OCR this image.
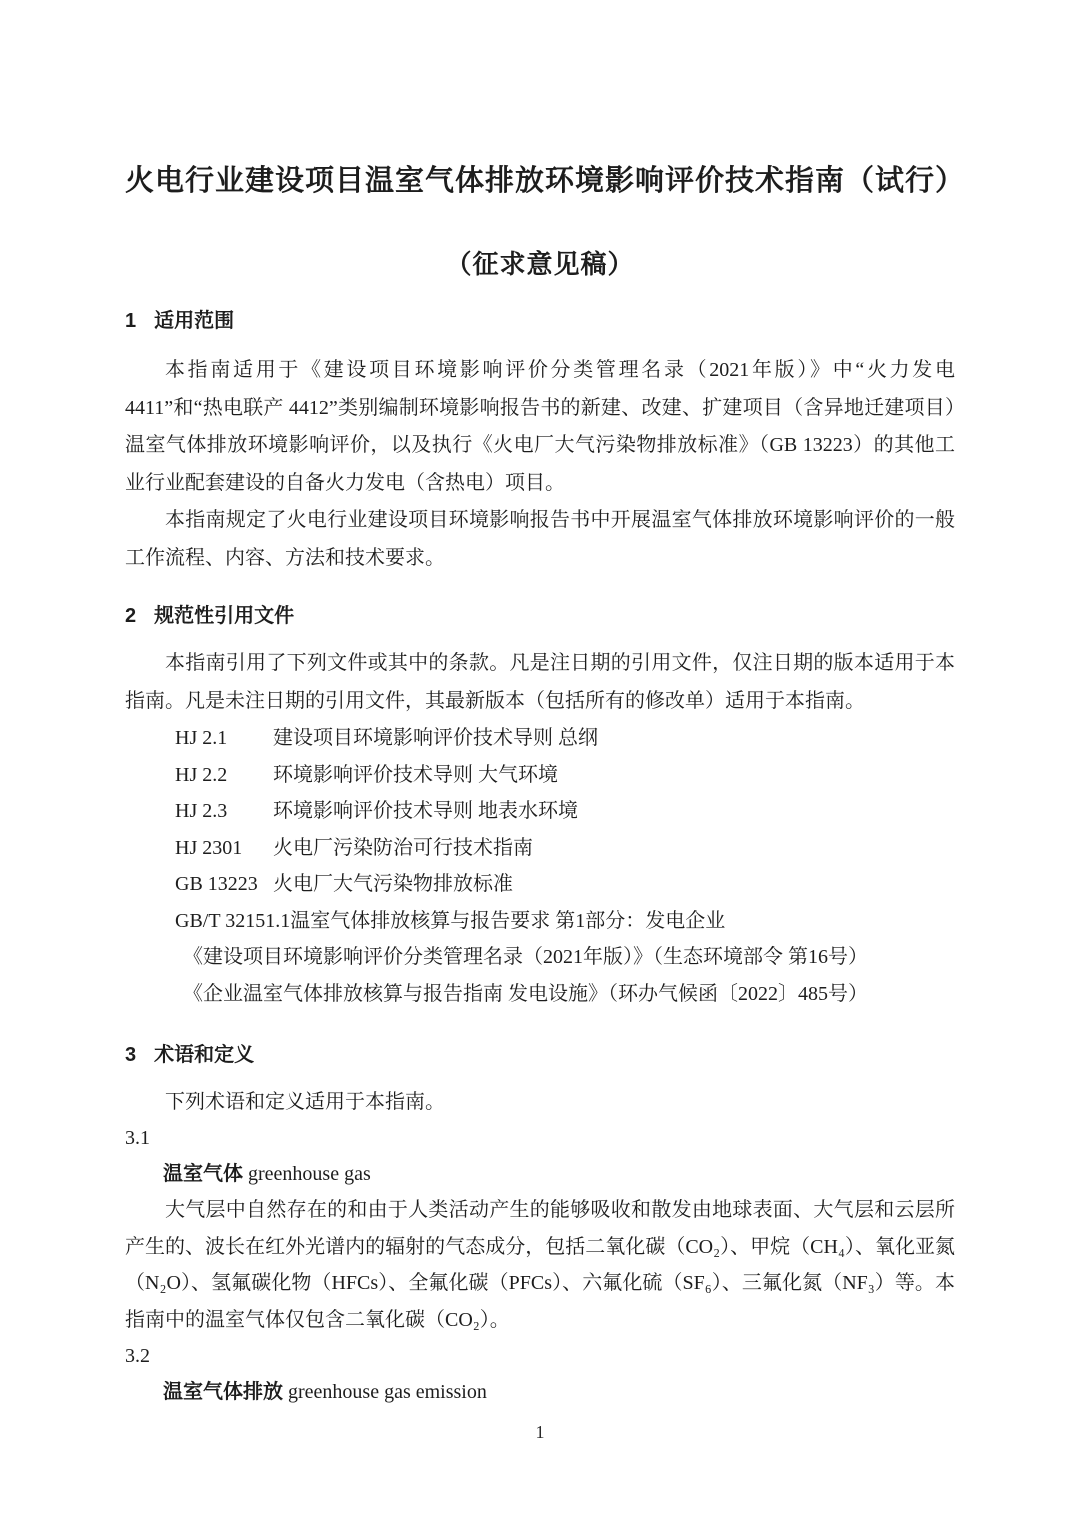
火电行业建设项目温室气体排放环境影响评价技术指南（试行）
（征求意见稿）
1 适用范围

本指南适用于《建设项目环境影响评价分类管理名录（2021年版）》中“火力发电 4411”和“热电联产 4412”类别编制环境影响报告书的新建、改建、扩建项目（含异地迁建项目）温室气体排放环境影响评价，以及执行《火电厂大气污染物排放标准》（GB 13223）的其他工业行业配套建设的自备火力发电（含热电）项目。

本指南规定了火电行业建设项目环境影响报告书中开展温室气体排放环境影响评价的一般工作流程、内容、方法和技术要求。

2 规范性引用文件

本指南引用了下列文件或其中的条款。凡是注日期的引用文件，仅注日期的版本适用于本指南。凡是未注日期的引用文件，其最新版本（包括所有的修改单）适用于本指南。

HJ 2.1 建设项目环境影响评价技术导则 总纲
HJ 2.2 环境影响评价技术导则 大气环境
HJ 2.3 环境影响评价技术导则 地表水环境
HJ 2301 火电厂污染防治可行技术指南
GB 13223 火电厂大气污染物排放标准
GB/T 32151.1温室气体排放核算与报告要求 第1部分：发电企业
《建设项目环境影响评价分类管理名录（2021年版）》（生态环境部令 第16号）
《企业温室气体排放核算与报告指南 发电设施》（环办气候函〔2022〕485号）
3 术语和定义

下列术语和定义适用于本指南。

3.1
温室气体 greenhouse gas

大气层中自然存在的和由于人类活动产生的能够吸收和散发由地球表面、大气层和云层所产生的、波长在红外光谱内的辐射的气态成分，包括二氧化碳（CO₂）、甲烷（CH₄）、氧化亚氮（N₂O）、氢氟碳化物（HFCs）、全氟化碳（PFCs）、六氟化硫（SF₆）、三氟化氮（NF₃）等。本指南中的温室气体仅包含二氧化碳（CO₂）。

3.2
温室气体排放 greenhouse gas emission
1
